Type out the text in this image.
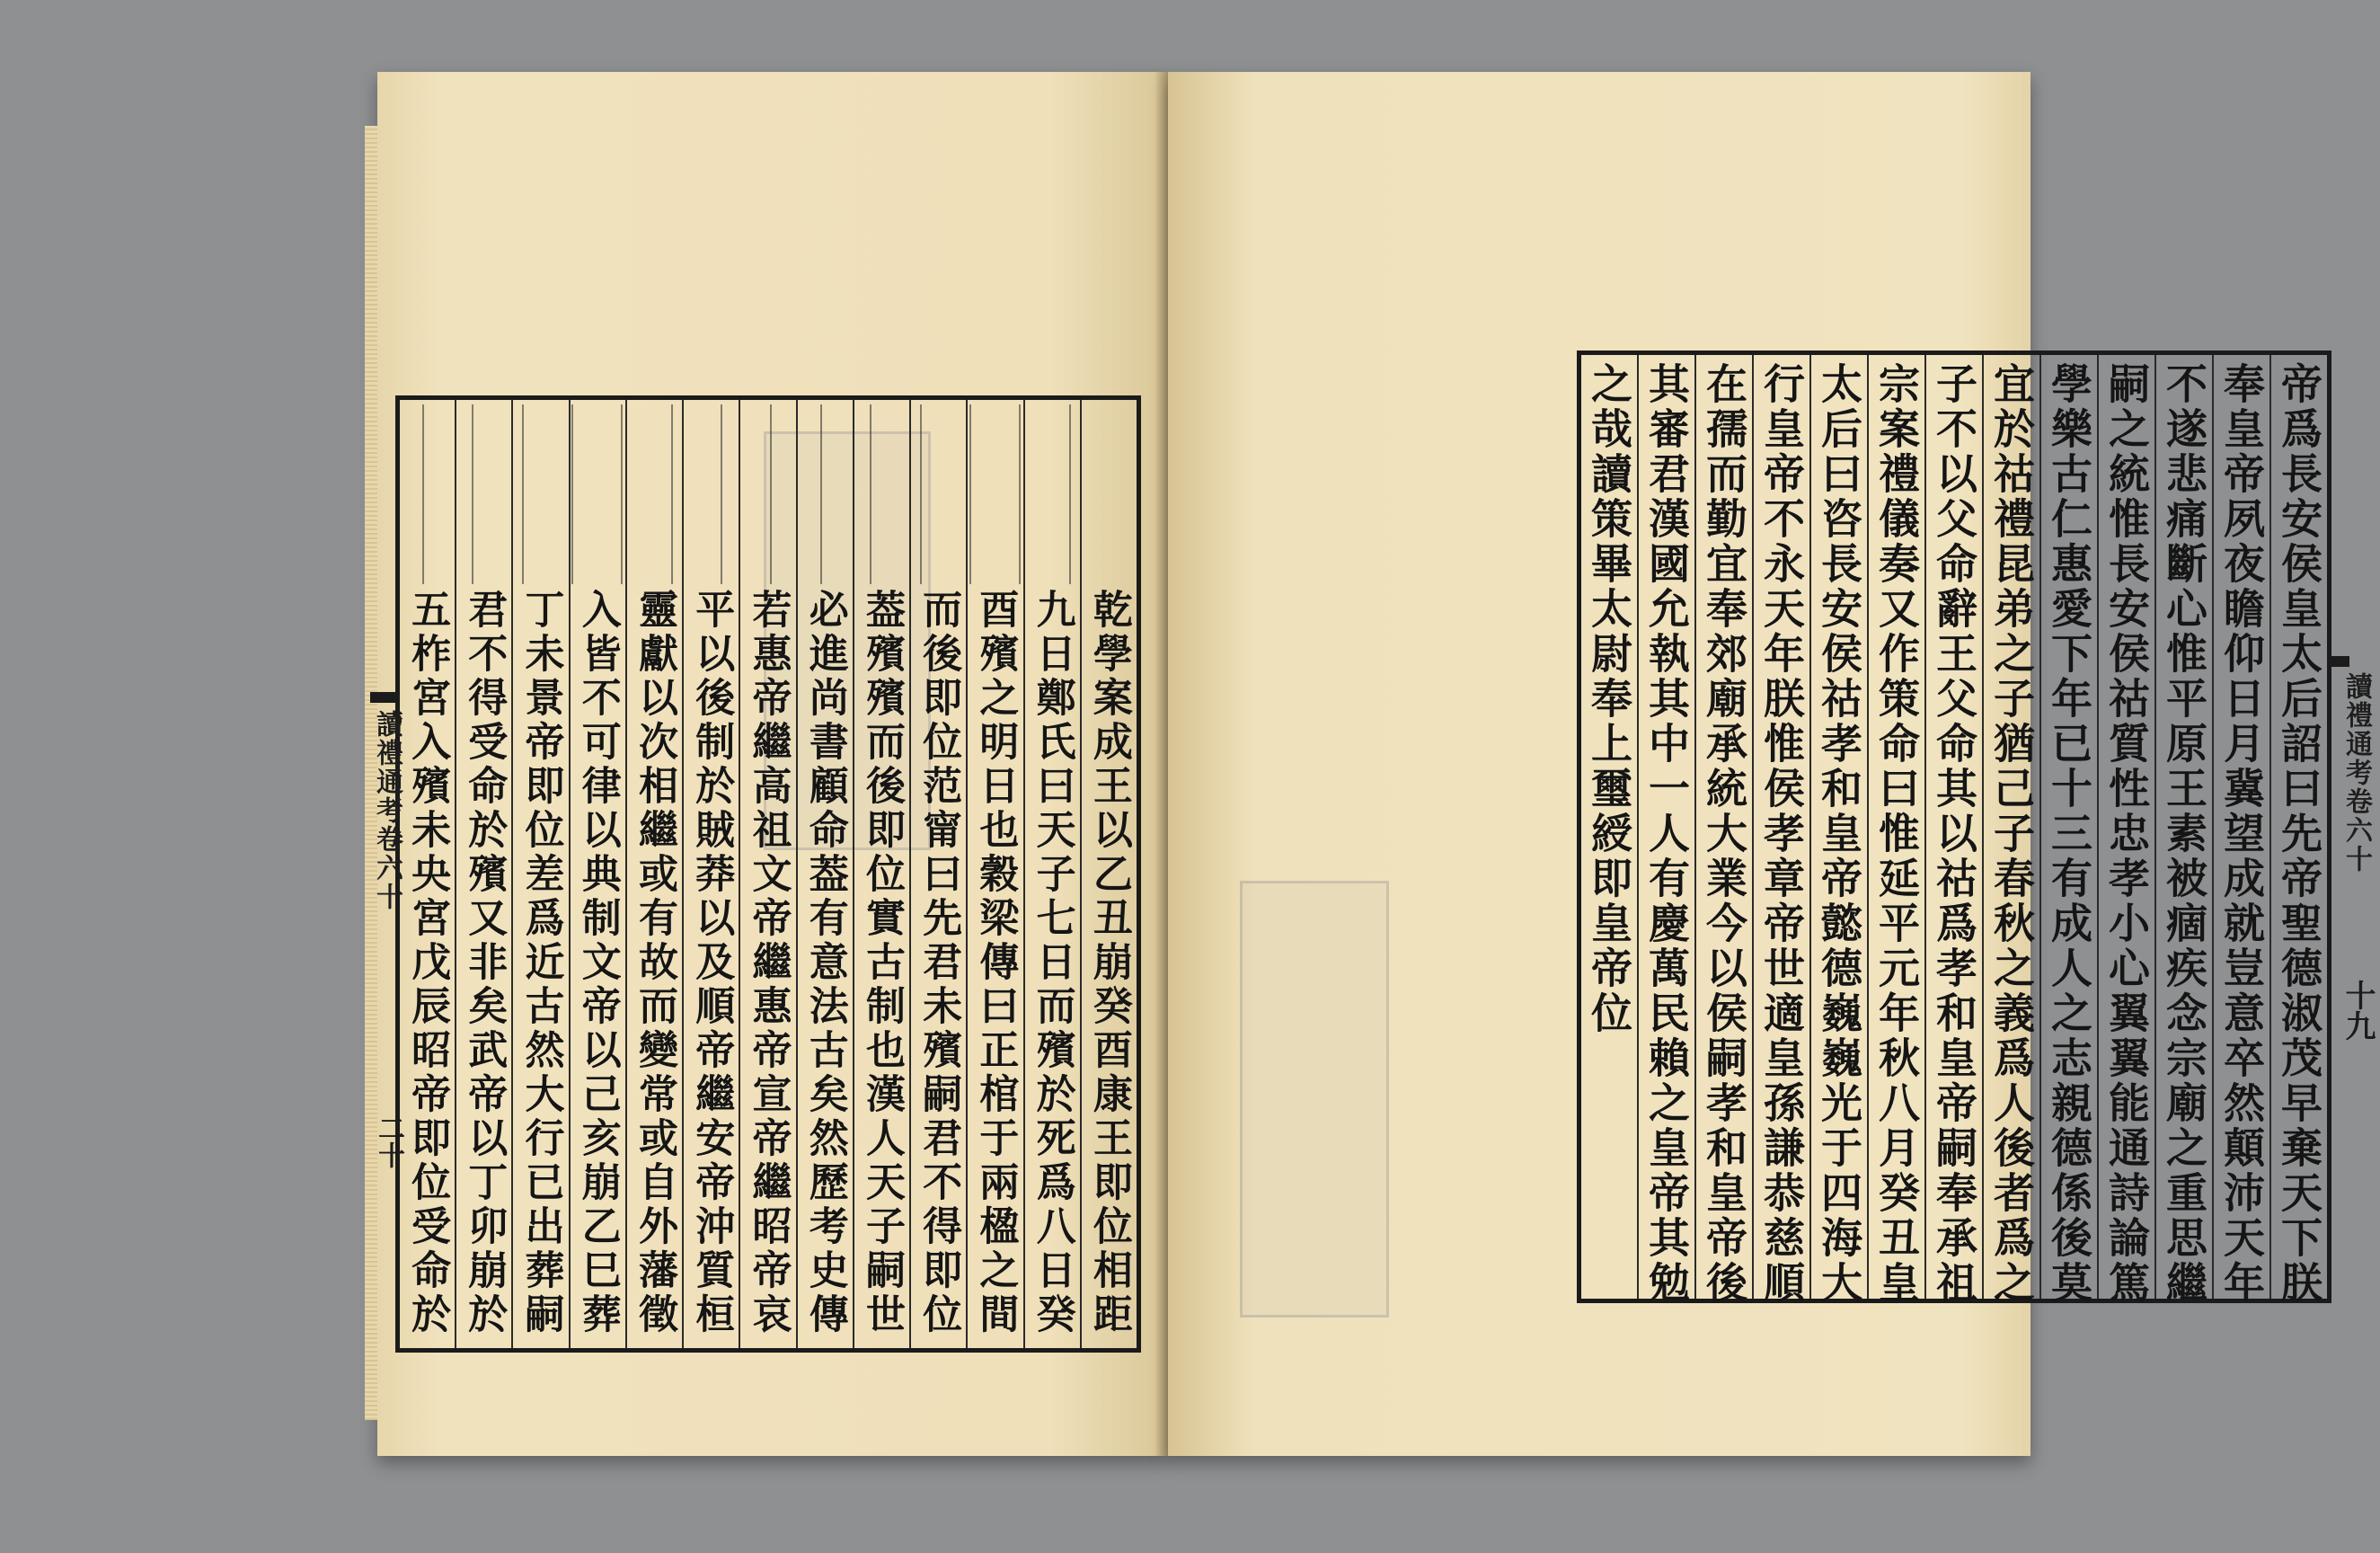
乾學案成王以乙丑崩癸酉康王即位相距
九日鄭氏曰天子七日而殯於死爲八日癸
酉殯之明日也穀梁傳曰正棺于兩楹之間
而後即位范甯曰先君未殯嗣君不得即位
葢殯殯而後即位實古制也漢人天子嗣世
必進尚書顧命葢有意法古矣然歷考史傳
若惠帝繼高祖文帝繼惠帝宣帝繼昭帝哀
平以後制於賊莽以及順帝繼安帝沖質桓
靈獻以次相繼或有故而變常或自外藩徵
入皆不可律以典制文帝以己亥崩乙巳葬
丁未景帝即位差爲近古然大行已出葬嗣
君不得受命於殯又非矣武帝以丁卯崩於
五柞宮入殯未央宮戊辰昭帝即位受命於
讀禮通考卷六十
二十	帝爲長安侯皇太后詔曰先帝聖德淑茂早棄天下朕
奉皇帝夙夜瞻仰日月冀望成就豈意卒然顛沛天年
不遂悲痛斷心惟平原王素被痼疾念宗廟之重思繼
嗣之統惟長安侯祜質性忠孝小心翼翼能通詩論篤
學樂古仁惠愛下年已十三有成人之志親德係後莫
宜於祜禮昆弟之子猶己子春秋之義爲人後者爲之
子不以父命辭王父命其以祜爲孝和皇帝嗣奉承祖
宗案禮儀奏又作策命曰惟延平元年秋八月癸丑皇
太后曰咨長安侯祜孝和皇帝懿德巍巍光于四海大
行皇帝不永天年朕惟侯孝章帝世適皇孫謙恭慈順
在孺而勤宜奉郊廟承統大業今以侯嗣孝和皇帝後
其審君漢國允執其中一人有慶萬民賴之皇帝其勉
之哉讀策畢太尉奉上璽綬即皇帝位	讀禮通考卷六十
十九
